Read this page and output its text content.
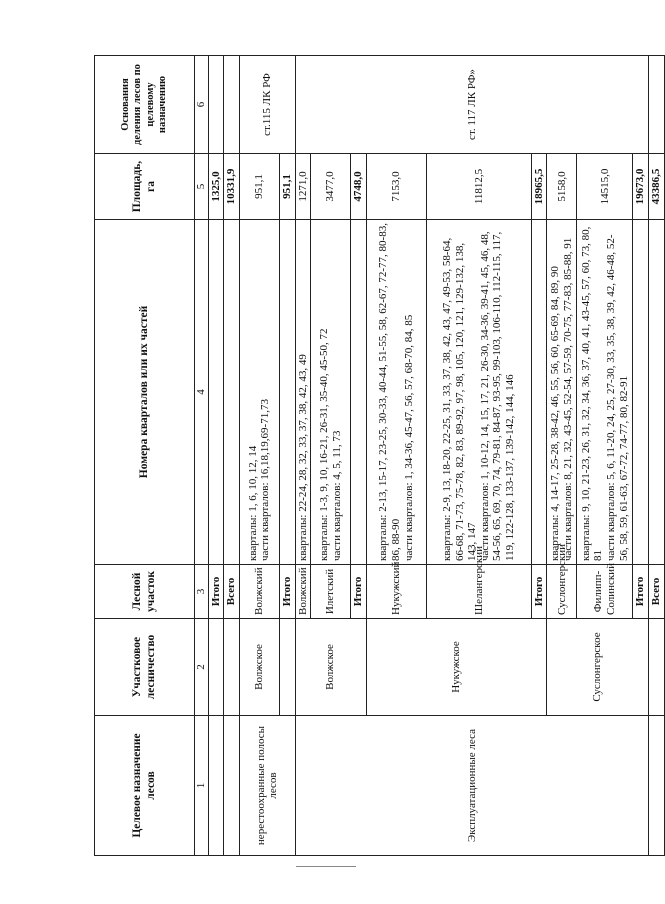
Целевое назначение лесов	Участковое лесничество	Лесной участок	Номера кварталов или их частей	Площадь, га	Основания деления лесов по целевому назначению
1	2	3	4	5	6
		Итого		1325,0	
		Всего		10331,9	
нерестоохранные полосы лесов	Волжское	Волжский	кварталы: 1, 6, 10, 12, 14 части кварталов: 16,18,19,69-71,73	951,1	ст.115 ЛК РФ
		Итого		951,1	
Эксплуатационные леса	Волжское	Волжский	кварталы: 22-24, 28, 32, 33, 37, 38, 42, 43, 49	1271,0	ст. 117 ЛК РФ»
		Илетский	кварталы: 1-3, 9, 10, 16-21, 26-31, 35-40, 45-50, 72 части кварталов: 4, 5, 11, 73	3477,0	
		Итого		4748,0	
	Нукужское	Нукужский	кварталы: 2-13, 15-17, 23-25, 30-33, 40-44, 51-55, 58, 62-67, 72-77, 80-83, 86, 88-90 части кварталов: 1, 34-36, 45-47, 56, 57, 68-70, 84, 85	7153,0	
		Шелангерский	кварталы: 2-9, 13, 18-20, 22-25, 31, 33, 37, 38, 42, 43, 47, 49-53, 58-64, 66-68, 71-73, 75-78, 82, 83, 89-92, 97, 98, 105, 120, 121, 129-132, 138, 143, 147 части кварталов: 1, 10-12, 14, 15, 17, 21, 26-30, 34-36, 39-41, 45, 46, 48, 54-56, 65, 69, 70, 74, 79-81, 84-87, 93-95, 99-103, 106-110, 112-115, 117, 119, 122-128, 133-137, 139-142, 144, 146	11812,5	
		Итого		18965,5	
	Суслонгерское	Суслонгерский	кварталы: 4, 14-17, 25-28, 38-42, 46, 55, 56, 60, 65-69, 84, 89, 90 части кварталов: 8, 21, 32, 43-45, 52-54, 57-59, 70-75, 77-83, 85-88, 91	5158,0	
		Филипп-Солинский	кварталы: 9, 10, 21-23, 26, 31, 32, 34, 36, 37, 40, 41, 43-45, 57, 60, 73, 80, 81 части кварталов: 5, 6, 11-20, 24, 25, 27-30, 33, 35, 38, 39, 42, 46-48, 52-56, 58, 59, 61-63, 67-72, 74-77, 80, 82-91	14515,0	
		Итого		19673,0	
		Всего		43386,5	
